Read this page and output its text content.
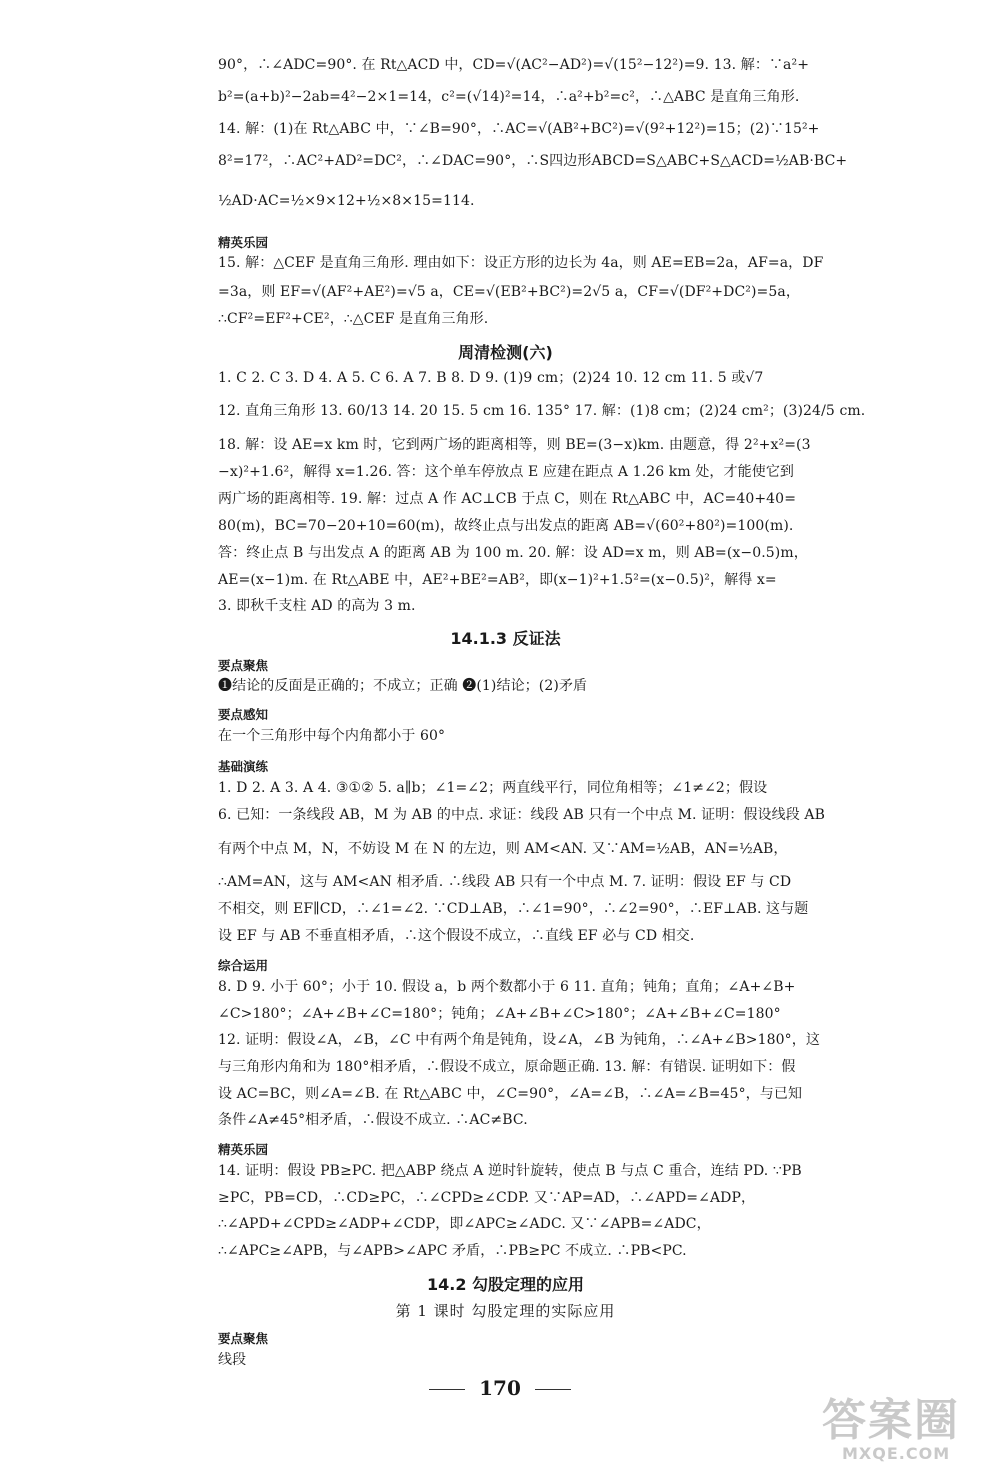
90°，∴∠ADC=90°. 在 Rt△ACD 中，CD=√(AC²−AD²)=√(15²−12²)=9. 13. 解：∵a²+
b²=(a+b)²−2ab=4²−2×1=14，c²=(√14)²=14，∴a²+b²=c²，∴△ABC 是直角三角形.
14. 解：(1)在 Rt△ABC 中，∵∠B=90°，∴AC=√(AB²+BC²)=√(9²+12²)=15；(2)∵15²+
8²=17²，∴AC²+AD²=DC²，∴∠DAC=90°，∴S四边形ABCD=S△ABC+S△ACD=½AB·BC+
½AD·AC=½×9×12+½×8×15=114.
精英乐园
15. 解：△CEF 是直角三角形. 理由如下：设正方形的边长为 4a，则 AE=EB=2a，AF=a，DF
=3a，则 EF=√(AF²+AE²)=√5 a，CE=√(EB²+BC²)=2√5 a，CF=√(DF²+DC²)=5a，
∴CF²=EF²+CE²，∴△CEF 是直角三角形.
周清检测(六)
1. C 2. C 3. D 4. A 5. C 6. A 7. B 8. D 9. (1)9 cm；(2)24 10. 12 cm 11. 5 或√7
12. 直角三角形 13. 60/13 14. 20 15. 5 cm 16. 135° 17. 解：(1)8 cm；(2)24 cm²；(3)24/5 cm.
18. 解：设 AE=x km 时，它到两广场的距离相等，则 BE=(3−x)km. 由题意，得 2²+x²=(3
−x)²+1.6²，解得 x=1.26. 答：这个单车停放点 E 应建在距点 A 1.26 km 处，才能使它到
两广场的距离相等. 19. 解：过点 A 作 AC⊥CB 于点 C，则在 Rt△ABC 中，AC=40+40=
80(m)，BC=70−20+10=60(m)，故终止点与出发点的距离 AB=√(60²+80²)=100(m).
答：终止点 B 与出发点 A 的距离 AB 为 100 m. 20. 解：设 AD=x m，则 AB=(x−0.5)m，
AE=(x−1)m. 在 Rt△ABE 中，AE²+BE²=AB²，即(x−1)²+1.5²=(x−0.5)²，解得 x=
3. 即秋千支柱 AD 的高为 3 m.
14.1.3 反证法
要点聚焦
❶结论的反面是正确的；不成立；正确 ❷(1)结论；(2)矛盾
要点感知
在一个三角形中每个内角都小于 60°
基础演练
1. D 2. A 3. A 4. ③①② 5. a∥b；∠1=∠2；两直线平行，同位角相等；∠1≠∠2；假设
6. 已知：一条线段 AB，M 为 AB 的中点. 求证：线段 AB 只有一个中点 M. 证明：假设线段 AB
有两个中点 M，N，不妨设 M 在 N 的左边，则 AM<AN. 又∵AM=½AB，AN=½AB，
∴AM=AN，这与 AM<AN 相矛盾. ∴线段 AB 只有一个中点 M. 7. 证明：假设 EF 与 CD
不相交，则 EF∥CD，∴∠1=∠2. ∵CD⊥AB，∴∠1=90°，∴∠2=90°，∴EF⊥AB. 这与题
设 EF 与 AB 不垂直相矛盾，∴这个假设不成立，∴直线 EF 必与 CD 相交.
综合运用
8. D 9. 小于 60°；小于 10. 假设 a，b 两个数都小于 6 11. 直角；钝角；直角；∠A+∠B+
∠C>180°；∠A+∠B+∠C=180°；钝角；∠A+∠B+∠C>180°；∠A+∠B+∠C=180°
12. 证明：假设∠A，∠B，∠C 中有两个角是钝角，设∠A，∠B 为钝角，∴∠A+∠B>180°，这
与三角形内角和为 180°相矛盾，∴假设不成立，原命题正确. 13. 解：有错误. 证明如下：假
设 AC=BC，则∠A=∠B. 在 Rt△ABC 中，∠C=90°，∠A=∠B，∴∠A=∠B=45°，与已知
条件∠A≠45°相矛盾，∴假设不成立. ∴AC≠BC.
精英乐园
14. 证明：假设 PB≥PC. 把△ABP 绕点 A 逆时针旋转，使点 B 与点 C 重合，连结 PD. ∵PB
≥PC，PB=CD，∴CD≥PC，∴∠CPD≥∠CDP. 又∵AP=AD，∴∠APD=∠ADP，
∴∠APD+∠CPD≥∠ADP+∠CDP，即∠APC≥∠ADC. 又∵∠APB=∠ADC，
∴∠APC≥∠APB，与∠APB>∠APC 矛盾，∴PB≥PC 不成立. ∴PB<PC.
14.2 勾股定理的应用
第 1 课时 勾股定理的实际应用
要点聚焦
线段
170
答案圈
MXQE.COM
